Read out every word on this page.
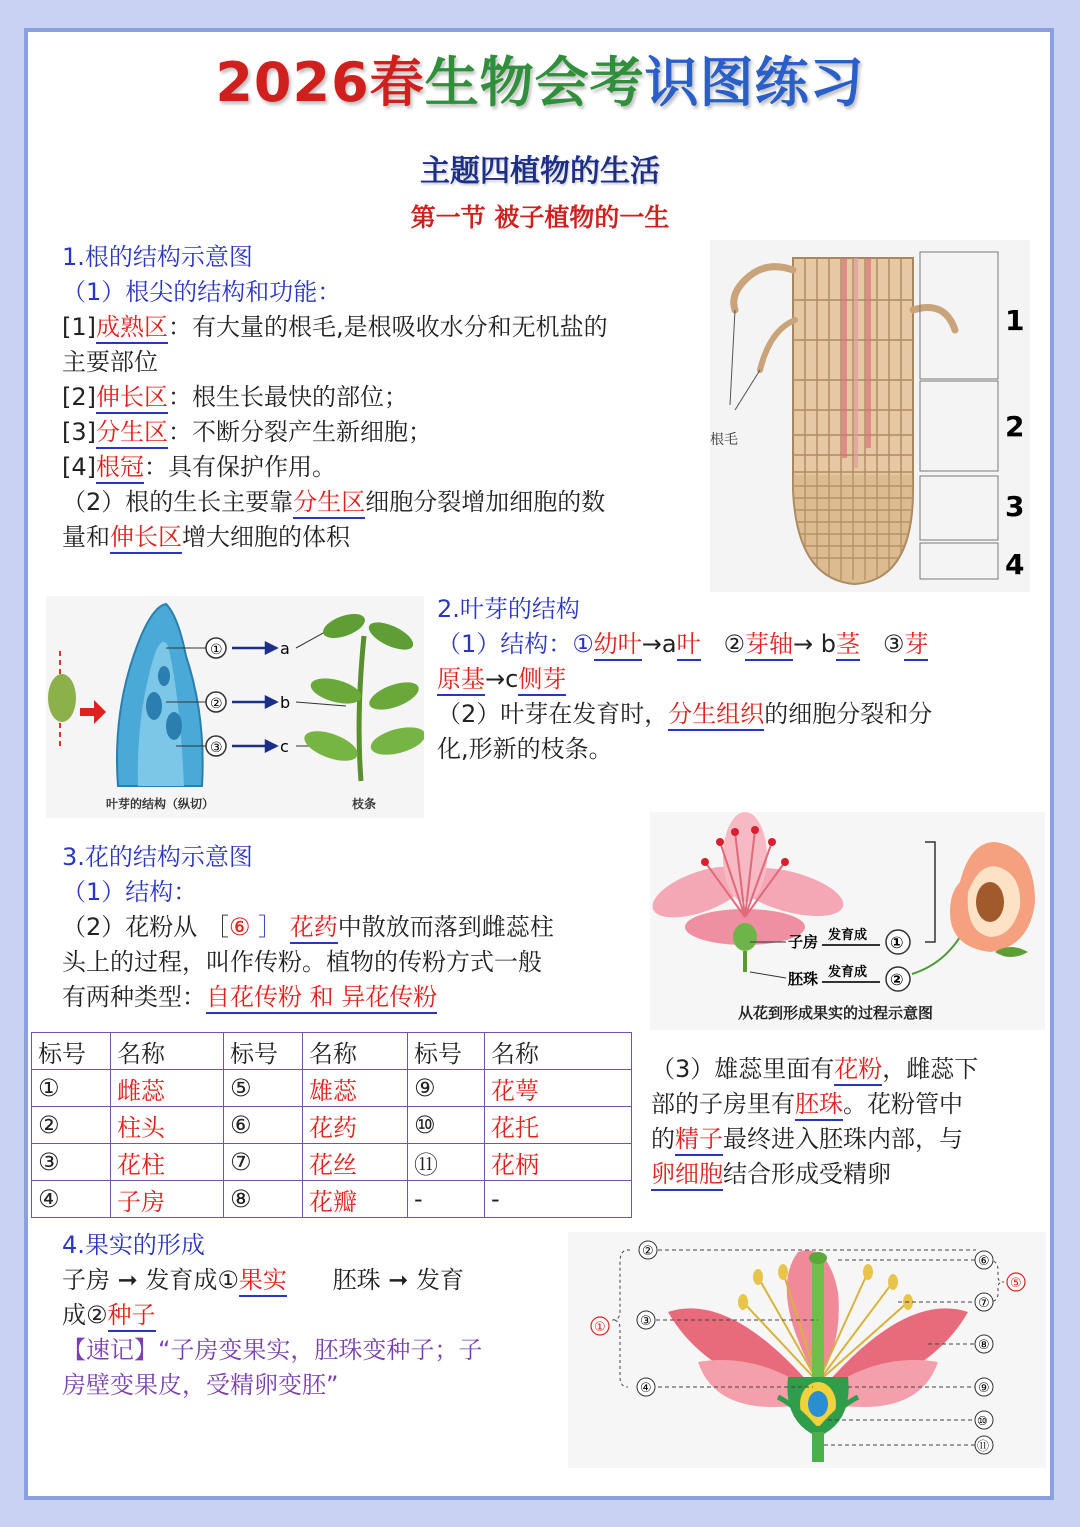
2026春生物会考识图练习
主题四植物的生活
第一节 被子植物的一生
1.根的结构示意图
（1）根尖的结构和功能：
[1]成熟区：有大量的根毛,是根吸收水分和无机盐的
主要部位
[2]伸长区：根生长最快的部位；
[3]分生区：不断分裂产生新细胞；
[4]根冠：具有保护作用。
（2）根的生长主要靠分生区细胞分裂增加细胞的数
量和伸长区增大细胞的体积
根毛
1
2
3
4
①
②
③
a
b
c
叶芽的结构（纵切）	枝条
2.叶芽的结构
（1）结构：①幼叶→a叶 ②芽轴→ b茎 ③芽
原基→c侧芽
（2）叶芽在发育时，分生组织的细胞分裂和分
化,形新的枝条。
3.花的结构示意图
（1）结构：
（2）花粉从 ［⑥ ］ 花药中散放而落到雌蕊柱
头上的过程，叫作传粉。植物的传粉方式一般
有两种类型：自花传粉 和 异花传粉
子房
胚珠
发育成
发育成
①
②
从花到形成果实的过程示意图
标号	名称	标号	名称	标号	名称
①	雌蕊	⑤	雄蕊	⑨	花萼
②	柱头	⑥	花药	⑩	花托
③	花柱	⑦	花丝	⑪	花柄
④	子房	⑧	花瓣	-	-
（3）雄蕊里面有花粉，雌蕊下
部的子房里有胚珠。花粉管中
的精子最终进入胚珠内部，与
卵细胞结合形成受精卵
4.果实的形成
子房 ➞ 发育成①果实 胚珠 ➞ 发育
成②种子
【速记】“子房变果实，胚珠变种子；子
房壁变果皮，受精卵变胚”
②
③
④
⑥
⑦
⑧
⑨
⑩
⑪
①
⑤
